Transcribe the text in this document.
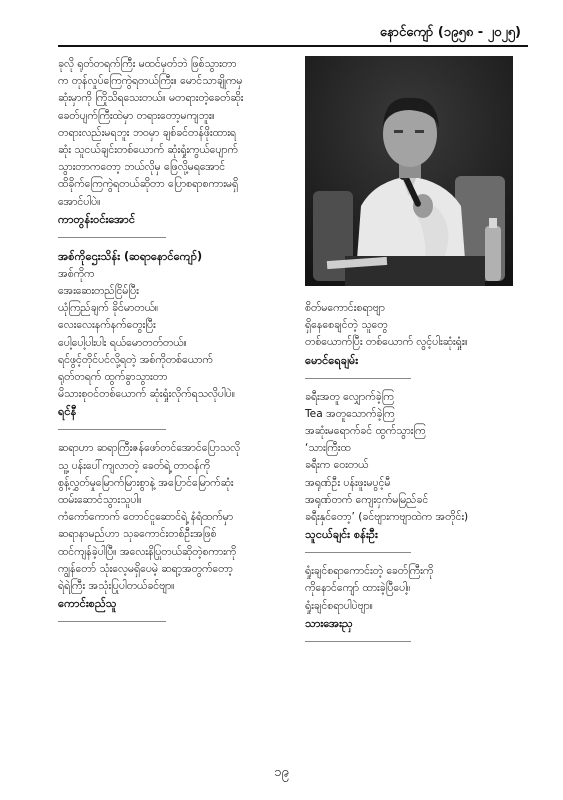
နောင်ကျော် (၁၉၅၈ - ၂၀၂၅)
ခုလို ရုတ်တရက်ကြီး မထင်မှတ်ဘဲ ဖြစ်သွားတာ
က တုန်လှုပ်ကြေကွဲရတယ်ကြီး။ မောင်သာချိုကမှ
ဆုံးမှာကို ကြိုသိရသေးတယ်။ မတရားတဲ့ခေတ်ဆိုး
ခေတ်ပျက်ကြီးထဲမှာ တရားတော့မကျဘူး။
တရားလည်းမရဘူး ဘဝမှာ ချစ်ခင်တန်ဖိုးထားရ
ဆုံး သူငယ်ချင်းတစ်ယောက် ဆုံးရှုံးကွယ်ပျောက်
သွားတာကတော့ ဘယ်လိုမှ ဖြေလို့မရအောင်
ထိခိုက်ကြေကွဲရတယ်ဆိုတာ ပြောစရာစကားမရှိ
အောင်ပါပဲ။
ကာတွန်းဝင်းအောင်
အစ်ကိုဌေးသိန်း (ဆရာနောင်ကျော်)
အစ်ကိုက
အေးဆေးတည်ငြိမ်ပြီး
ယုံကြည်ချက် ခိုင်မာတယ်။
လေးလေးနက်နက်တွေးပြီး
ပေါ့ပေါ့ပါးပါး ရယ်မောတတ်တယ်။
ရင်ဖွင့်တိုင်ပင်လို့ရတဲ့ အစ်ကိုတစ်ယောက်
ရုတ်တရက် ထွက်ခွာသွားတာ
မိသားစုဝင်တစ်ယောက် ဆုံးရှုံးလိုက်ရသလိုပါပဲ။
ရင်နီ
ဆရာဟာ ဆရာကြီးဇန်ဖော်တင်အောင်ပြောသလို
သူ့ ပန်းပေါ်ကျလာတဲ့ ခေတ်ရဲ့ တာဝန်ကို
စွန့်လွှတ်မှုမြောက်မြားစွာနဲ့ အပြောင်မြောက်ဆုံး
ထမ်းဆောင်သွားသူပါ။
ကံကော်ကောက် တောင်ငူဆောင်ရဲ့ နံရံထက်မှာ
ဆရာနာမည်ဟာ သုခကောင်းတစ်ဦးအဖြစ်
ထင်ကျန်ခဲ့ပါပြီ။ အလေးနိပြုတယ်ဆိုတဲ့စကားကို
ကျွန်တော် သုံးလေ့မရှိပေမဲ့ ဆရာ့အတွက်တော့
ရဲရဲကြီး အသုံးပြုပါတယ်ခင်ဗျာ။
ကောင်းစည်သူ
စိတ်မကောင်းစရာဗျာ
ရှိနေစေချင်တဲ့ သူတွေ
တစ်ယောက်ပြီး တစ်ယောက် လွင့်ပါးဆုံးရှုံး။
မောင်ရေချမ်း
ခရီးအတူ လျှောက်ခဲ့ကြ
Tea အတူသောက်ခဲ့ကြ
အဆုံးမရောက်ခင် ထွက်သွားကြ
‘သားကြီးထ
ခရီးက ဝေးတယ်
အရုဏ်ဦး ပန်းဖူးမပွင့်မီ
အရုဏ်တက် ကျေးငှက်မမြည်ခင်
ခရီးနှင်တော့’ (ခင်ဗျားကဗျာထဲက အတိုင်း)
သူငယ်ချင်း စန်းဦး
ရှုံးချင်စရာကောင်းတဲ့ ခေတ်ကြီးကို
ကိုနောင်ကျော် ထားခဲ့ပြီပေါ့။
ရှုံးချင်စရာပါပဲဗျာ။
သားအေးညှ
၁၉
